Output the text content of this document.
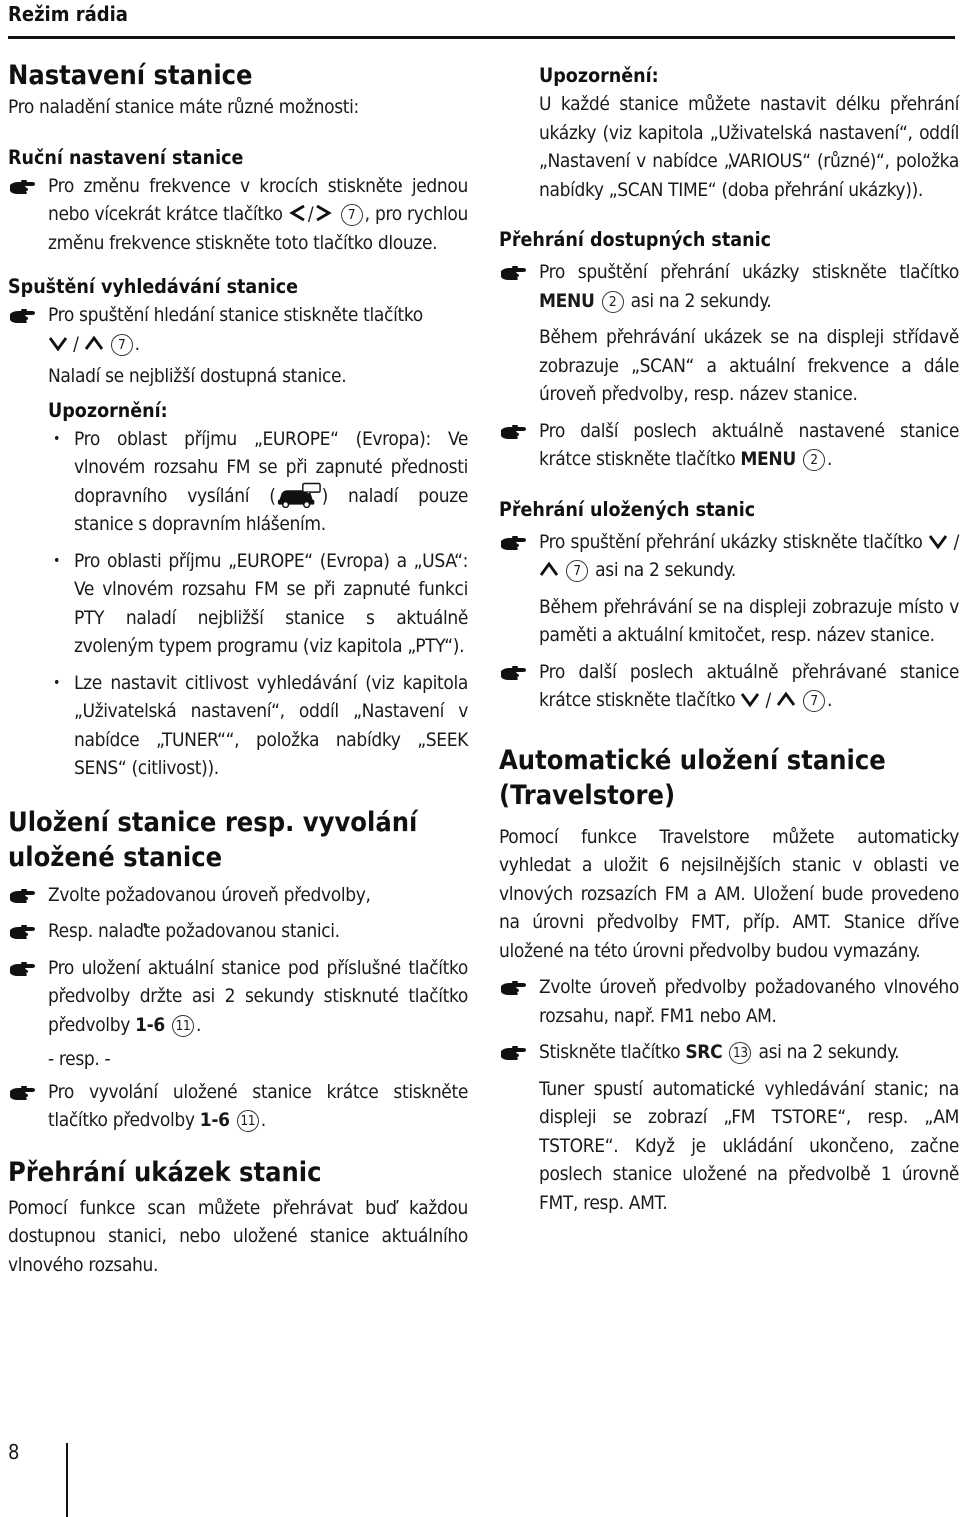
Režim rádia

Nastavení stanice

Pro naladění stanice máte různé možnosti:

Ruční nastavení stanice

Pro změnu frekvence v krocích stiskněte jednou nebo vícekrát krátce tlačítko /	7 , pro rychlou změnu frekvence stiskněte toto tlačítko dlouze.

Spuštění vyhledávání stanice

Pro spuštění hledání stanice stiskněte tlačítko
/	7 .

Naladí se nejbližší dostupná stanice.

Upozornění:

• Pro oblast příjmu „EUROPE“ (Evropa): Ve vlnovém rozsahu FM se při zapnuté přednosti dopravního vysílání ( ) naladí pouze stanice s dopravním hlášením.
• Pro oblasti příjmu „EUROPE“ (Evropa) a „USA“: Ve vlnovém rozsahu FM se při zapnuté funkci PTY naladí nejbližší stanice s aktuálně zvoleným typem programu (viz kapitola „PTY“).
• Lze nastavit citlivost vyhledávání (viz kapitola „Uživatelská nastavení“, oddíl „Nastavení v nabídce „TUNER““, položka nabídky „SEEK SENS“ (citlivost)).

Uložení stanice resp. vyvolání
uložené stanice

Zvolte požadovanou úroveň předvolby,
Resp. nalaďte požadovanou stanici.
Pro uložení aktuální stanice pod příslušné tlačítko předvolby držte asi 2 sekundy stisknuté tlačítko předvolby 1-6 11 .

- resp. -

Pro vyvolání uložené stanice krátce stiskněte tlačítko předvolby 1-6 11 .

Přehrání ukázek stanic

Pomocí funkce scan můžete přehrávat buď každou dostupnou stanici, nebo uložené stanice aktuálního vlnového rozsahu.

Upozornění:

U každé stanice můžete nastavit délku přehrání ukázky (viz kapitola „Uživatelská nastavení“, oddíl „Nastavení v nabídce „VARIOUS“ (různé)“, položka nabídky „SCAN TIME“ (doba přehrání ukázky)).

Přehrání dostupných stanic

Pro spuštění přehrání ukázky stiskněte tlačítko MENU 2 asi na 2 sekundy.

Během přehrávání ukázek se na displeji střídavě zobrazuje „SCAN“ a aktuální frekvence a dále úroveň předvolby, resp. název stanice.

Pro další poslech aktuálně nastavené stanice krátce stiskněte tlačítko MENU 2 .

Přehrání uložených stanic

Pro spuštění přehrání ukázky stiskněte tlačítko  /  7 asi na 2 sekundy.

Během přehrávání se na displeji zobrazuje místo v paměti a aktuální kmitočet, resp. název stanice.

Pro další poslech aktuálně přehrávané stanice krátce stiskněte tlačítko  /	7 .

Automatické uložení stanice
(Travelstore)

Pomocí funkce Travelstore můžete automaticky vyhledat a uložit 6 nejsilnějších stanic v oblasti ve vlnových rozsazích FM a AM. Uložení bude provedeno na úrovni předvolby FMT, příp. AMT. Stanice dříve uložené na této úrovni předvolby budou vymazány.

Zvolte úroveň předvolby požadovaného vlnového rozsahu, např. FM1 nebo AM.
Stiskněte tlačítko SRC 13 asi na 2 sekundy.

Tuner spustí automatické vyhledávání stanic; na displeji se zobrazí „FM TSTORE“, resp. „AM TSTORE“. Když je ukládání ukončeno, začne poslech stanice uložené na předvolbě 1 úrovně FMT, resp. AMT.

8
